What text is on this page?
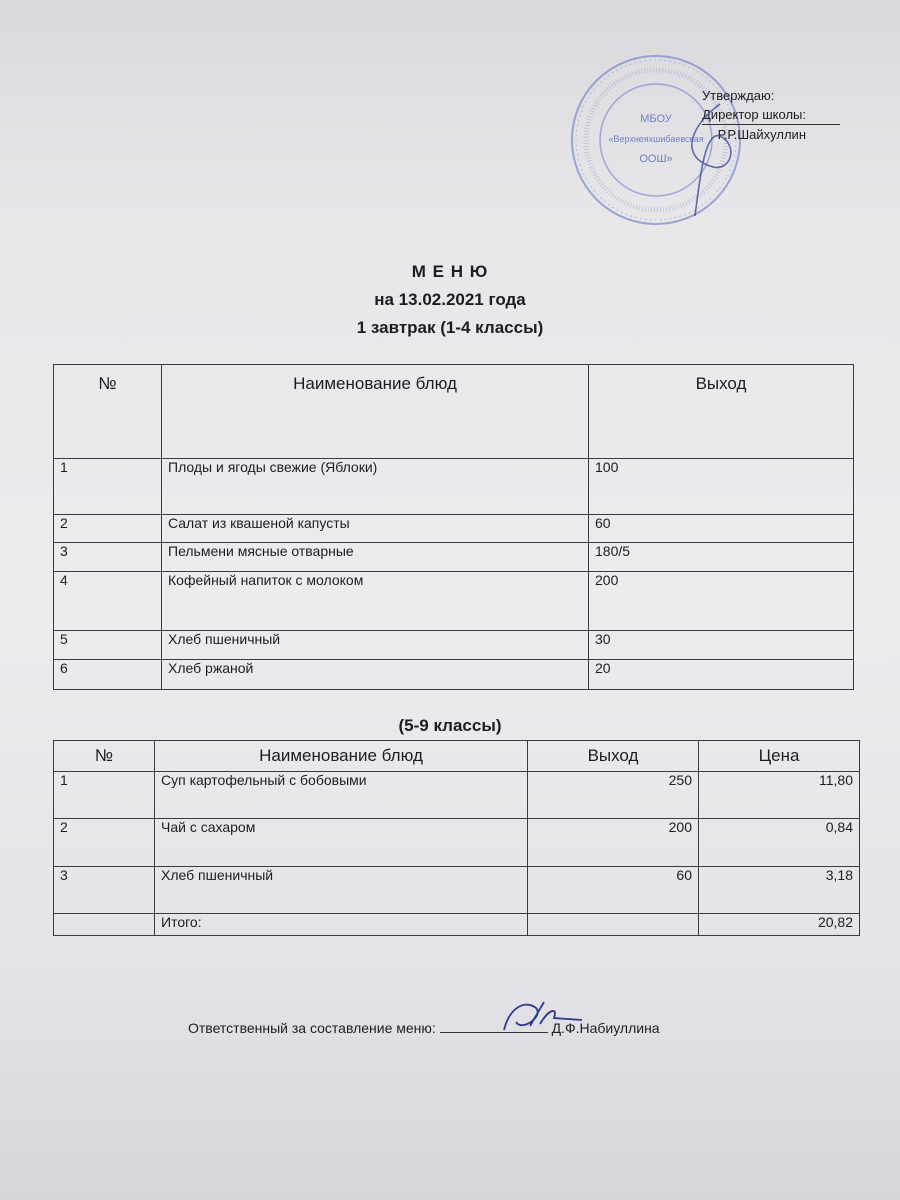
МБОУ
«Верхнеяхшибаевская
ООШ»
Утверждаю:

Директор школы:
Р.Р.Шайхуллин
М Е Н Ю
на 13.02.2021 года
1 завтрак (1-4 классы)
№	Наименование блюд	Выход
1	Плоды и ягоды свежие (Яблоки)	100
2	Салат из квашеной капусты	60
3	Пельмени мясные отварные	180/5
4	Кофейный напиток с молоком	200
5	Хлеб пшеничный	30
6	Хлеб ржаной	20
(5-9 классы)
№	Наименование блюд	Выход	Цена
1	Суп картофельный с бобовыми	250	11,80
2	Чай с сахаром	200	0,84
3	Хлеб пшеничный	60	3,18
	Итого:		20,82
Ответственный за составление меню:	Д.Ф.Набиуллина
